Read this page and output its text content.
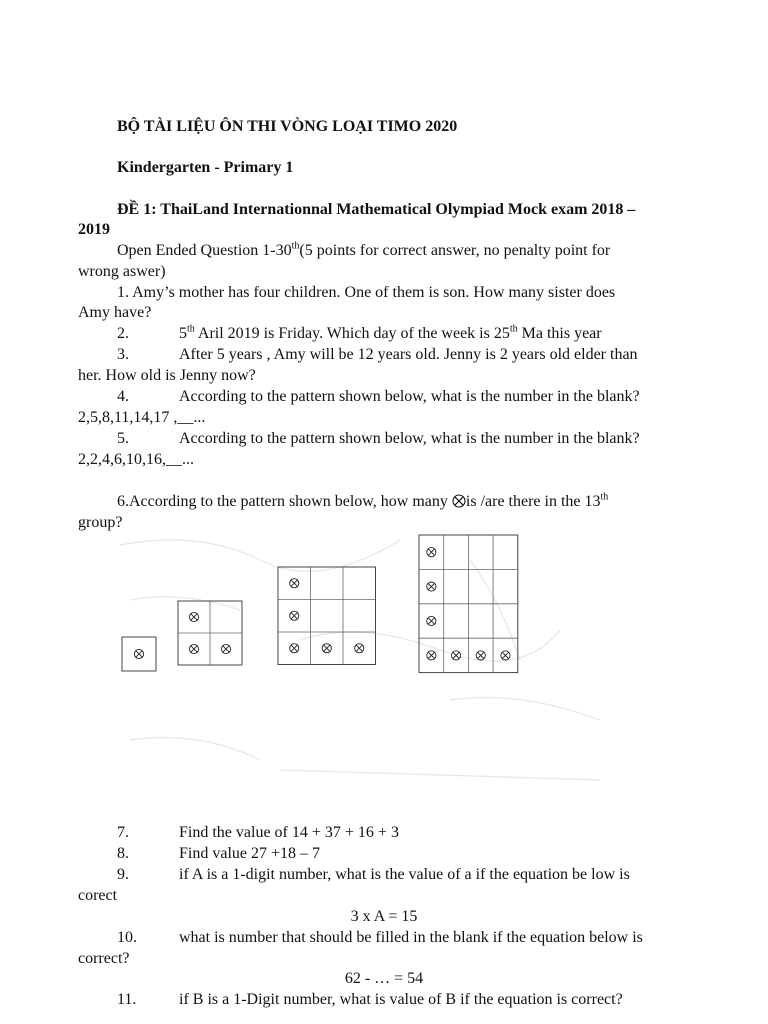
BỘ TÀI LIỆU ÔN THI VÒNG LOẠI TIMO 2020
Kindergarten - Primary 1
ĐỀ 1: ThaiLand Internationnal Mathematical Olympiad Mock exam 2018 –
2019
Open Ended Question 1-30th(5 points for correct answer, no penalty point for
wrong aswer)
1. Amy’s mother has four children. One of them is son. How many sister does
Amy have?
2.	5th Aril 2019 is Friday. Which day of the week is 25th Ma this year
3.	After 5 years , Amy will be 12 years old. Jenny is 2 years old elder than
her. How old is Jenny now?
4.	According to the pattern shown below, what is the number in the blank?
2,5,8,11,14,17 ,__...
5.	According to the pattern shown below, what is the number in the blank?
2,2,4,6,10,16,__...
6.According to the pattern shown below, how many is /are there in the 13th
group?
7.	Find the value of 14 + 37 + 16 + 3
8.	Find value 27 +18 – 7
9.	if A is a 1-digit number, what is the value of a if the equation be low is
corect
3 x A = 15
10.	what is number that should be filled in the blank if the equation below is
correct?
62 - … = 54
11.	if B is a 1-Digit number, what is value of B if the equation is correct?
